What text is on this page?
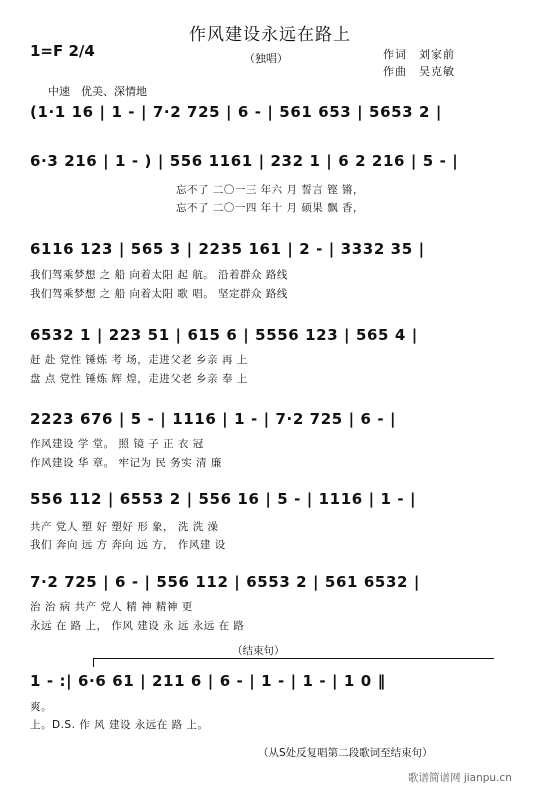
作风建设永远在路上
1=F 2/4	（独唱）	作词　刘家前
作曲　吴克敏
中速　优美、深情地
(1·1 16 | 1 - | 7·2 725 | 6 - | 561 653 | 5653 2 |
6·3 216 | 1 - ) | 556 1161 | 232 1 | 6 2 216 | 5 - |
忘不了 二〇一三 年六 月 誓言 铿 锵，
忘不了 二〇一四 年十 月 硕果 飘 香，
6116 123 | 565 3 | 2235 161 | 2 - | 3332 35 |
我们驾乘梦想 之 船 向着太阳 起 航。 沿着群众 路线
我们驾乘梦想 之 船 向着太阳 歌 唱。 坚定群众 路线
6532 1 | 223 51 | 615 6 | 5556 123 | 565 4 |
赶 赴 党性 锤炼 考 场，走进父老 乡亲 再 上
盘 点 党性 锤炼 辉 煌，走进父老 乡亲 奉 上
2223 676 | 5 - | 1116 | 1 - | 7·2 725 | 6 - |
作风建设 学 堂。 照 镜 子 正 衣 冠
作风建设 华 章。 牢记为 民 务实 清 廉
556 112 | 6553 2 | 556 16 | 5 - | 1116 | 1 - |
共产 党人 塑 好 塑好 形 象， 洗 洗 澡
我们 奔向 远 方 奔向 远 方， 作风建 设
7·2 725 | 6 - | 556 112 | 6553 2 | 561 6532 |
治 治 病 共产 党人 精 神 精神 更
永远 在 路 上， 作风 建设 永 远 永远 在 路
（结束句）
1 - :| 6·6 61 | 211 6 | 6 - | 1 - | 1 - | 1 0 ‖
爽。
上。D.S. 作 风 建设 永远在 路 上。
（从S处反复唱第二段歌词至结束句）
歌谱简谱网 jianpu.cn
